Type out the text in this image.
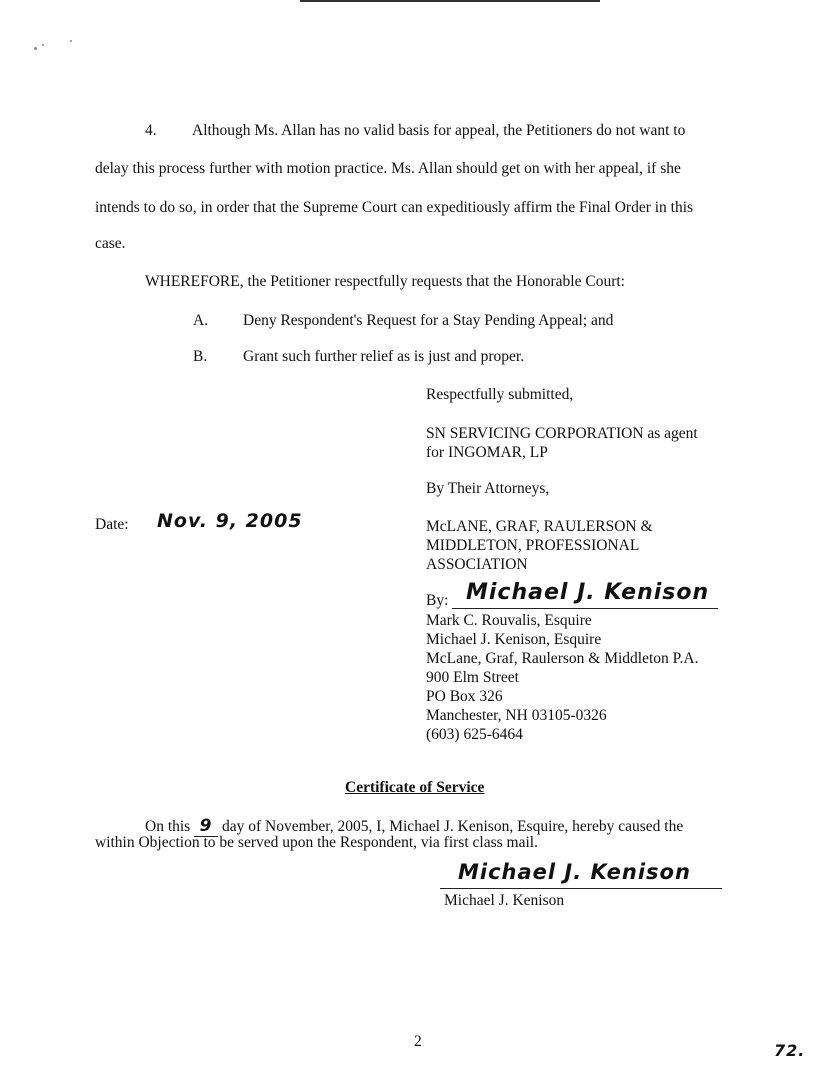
4. Although Ms. Allan has no valid basis for appeal, the Petitioners do not want to
delay this process further with motion practice. Ms. Allan should get on with her appeal, if she
intends to do so, in order that the Supreme Court can expeditiously affirm the Final Order in this
case.
WHEREFORE, the Petitioner respectfully requests that the Honorable Court:
A. Deny Respondent's Request for a Stay Pending Appeal; and
B. Grant such further relief as is just and proper.
Respectfully submitted,
SN SERVICING CORPORATION as agent
for INGOMAR, LP
By Their Attorneys,
Date: Nov. 9, 2005	McLANE, GRAF, RAULERSON &
MIDDLETON, PROFESSIONAL
ASSOCIATION
By: Michael J. Kenison
Mark C. Rouvalis, Esquire
Michael J. Kenison, Esquire
McLane, Graf, Raulerson & Middleton P.A.
900 Elm Street
PO Box 326
Manchester, NH 03105-0326
(603) 625-6464
Certificate of Service
On this 9 day of November, 2005, I, Michael J. Kenison, Esquire, hereby caused the
within Objection to be served upon the Respondent, via first class mail.
Michael J. Kenison
Michael J. Kenison
2	72.
